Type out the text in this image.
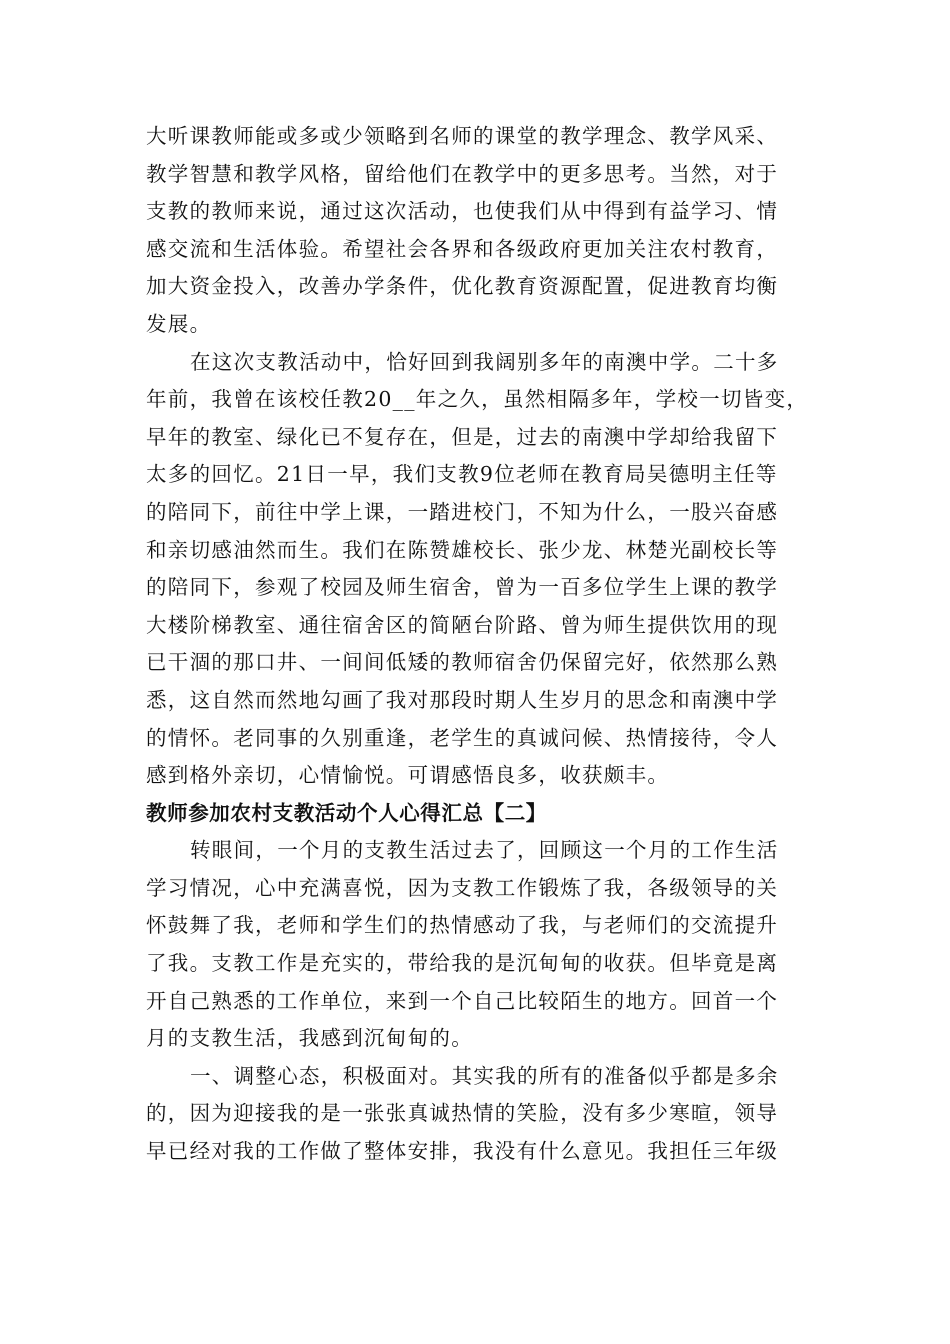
大听课教师能或多或少领略到名师的课堂的教学理念、教学风采、
教学智慧和教学风格，留给他们在教学中的更多思考。当然，对于
支教的教师来说，通过这次活动，也使我们从中得到有益学习、情
感交流和生活体验。希望社会各界和各级政府更加关注农村教育，
加大资金投入，改善办学条件，优化教育资源配置，促进教育均衡
发展。
在这次支教活动中，恰好回到我阔别多年的南澳中学。二十多
年前，我曾在该校任教20__年之久，虽然相隔多年，学校一切皆变，
早年的教室、绿化已不复存在，但是，过去的南澳中学却给我留下
太多的回忆。21日一早，我们支教9位老师在教育局吴德明主任等
的陪同下，前往中学上课，一踏进校门，不知为什么，一股兴奋感
和亲切感油然而生。我们在陈赞雄校长、张少龙、林楚光副校长等
的陪同下，参观了校园及师生宿舍，曾为一百多位学生上课的教学
大楼阶梯教室、通往宿舍区的简陋台阶路、曾为师生提供饮用的现
已干涸的那口井、一间间低矮的教师宿舍仍保留完好，依然那么熟
悉，这自然而然地勾画了我对那段时期人生岁月的思念和南澳中学
的情怀。老同事的久别重逢，老学生的真诚问候、热情接待，令人
感到格外亲切，心情愉悦。可谓感悟良多，收获颇丰。
教师参加农村支教活动个人心得汇总【二】
转眼间，一个月的支教生活过去了，回顾这一个月的工作生活
学习情况，心中充满喜悦，因为支教工作锻炼了我，各级领导的关
怀鼓舞了我，老师和学生们的热情感动了我，与老师们的交流提升
了我。支教工作是充实的，带给我的是沉甸甸的收获。但毕竟是离
开自己熟悉的工作单位，来到一个自己比较陌生的地方。回首一个
月的支教生活，我感到沉甸甸的。
一、调整心态，积极面对。其实我的所有的准备似乎都是多余
的，因为迎接我的是一张张真诚热情的笑脸，没有多少寒暄，领导
早已经对我的工作做了整体安排，我没有什么意见。我担任三年级
